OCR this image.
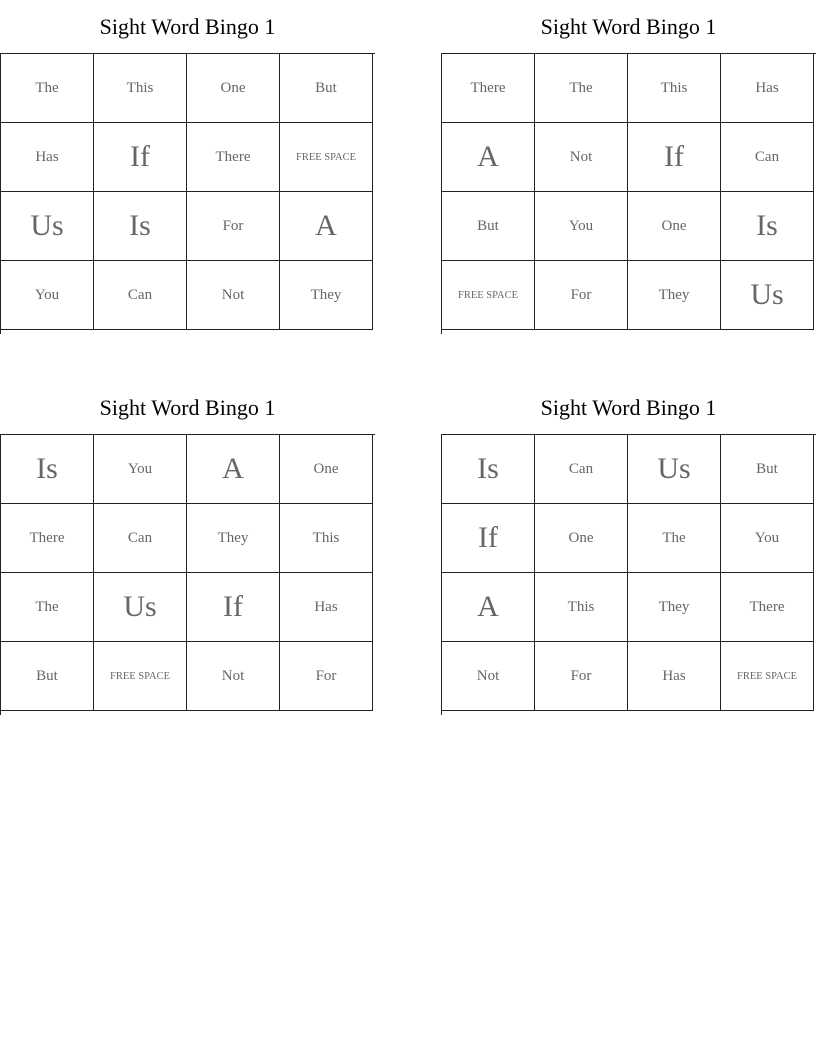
Sight Word Bingo 1
The	This	One	But
Has	If	There	FREE SPACE
Us	Is	For	A
You	Can	Not	They
Sight Word Bingo 1
There	The	This	Has
A	Not	If	Can
But	You	One	Is
FREE SPACE	For	They	Us
Sight Word Bingo 1
Is	You	A	One
There	Can	They	This
The	Us	If	Has
But	FREE SPACE	Not	For
Sight Word Bingo 1
Is	Can	Us	But
If	One	The	You
A	This	They	There
Not	For	Has	FREE SPACE
